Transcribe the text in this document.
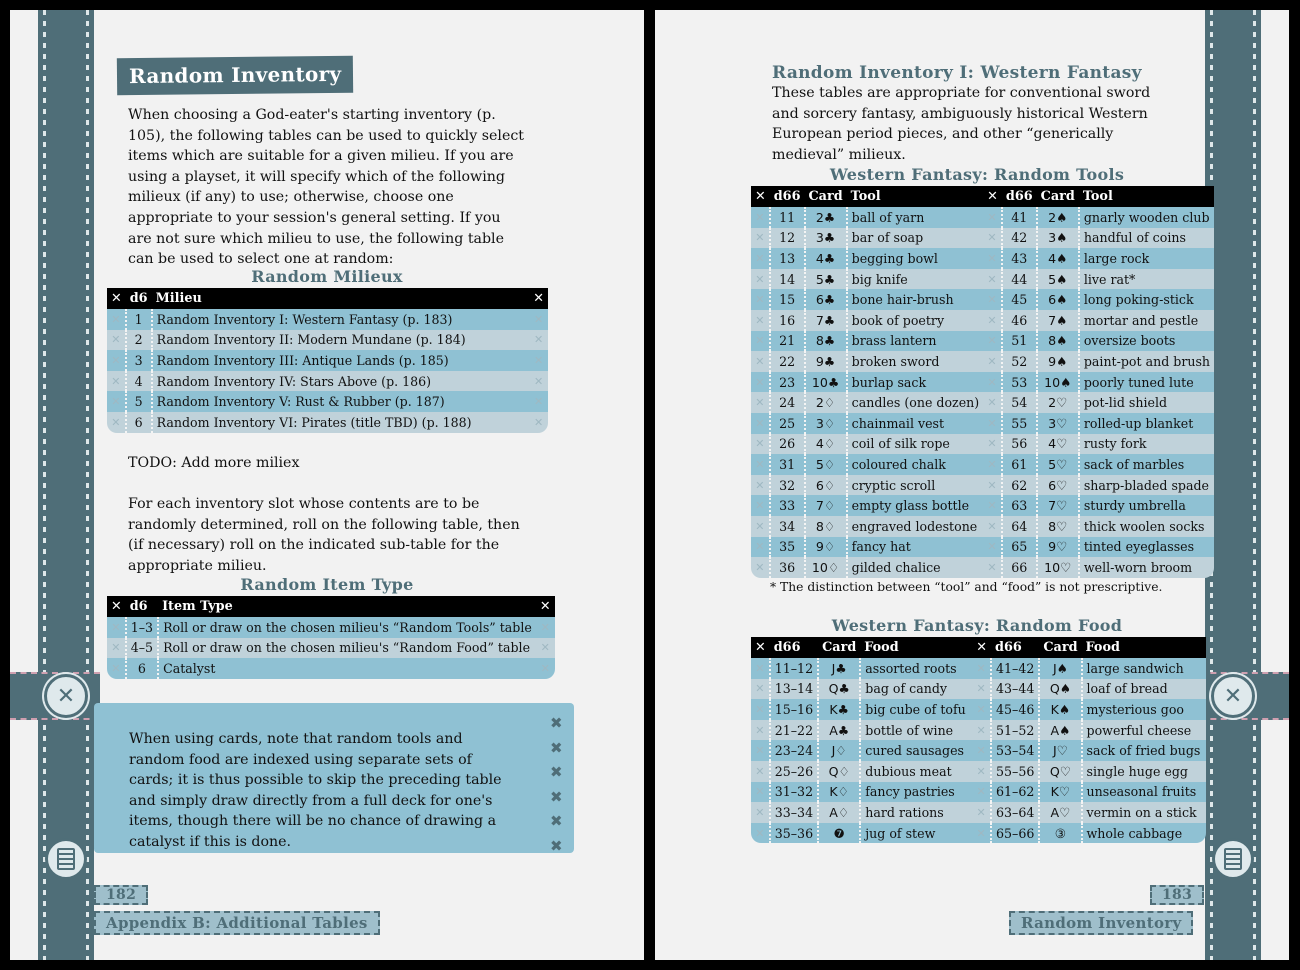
✕
Random Inventory
When choosing a God-eater's starting inventory (p. 105), the following tables can be used to quickly select items which are suitable for a given milieu. If you are using a playset, it will specify which of the following milieux (if any) to use; otherwise, choose one appropriate to your session's general setting. If you are not sure which milieu to use, the following table can be used to select one at random:
Random Milieux
✕	d6	Milieu	✕
✕	1	Random Inventory I: Western Fantasy (p. 183)	✕
✕	2	Random Inventory II: Modern Mundane (p. 184)	✕
✕	3	Random Inventory III: Antique Lands (p. 185)	✕
✕	4	Random Inventory IV: Stars Above (p. 186)	✕
✕	5	Random Inventory V: Rust & Rubber (p. 187)	✕
✕	6	Random Inventory VI: Pirates (title TBD) (p. 188)	✕
TODO: Add more miliex
For each inventory slot whose contents are to be randomly determined, roll on the following table, then (if necessary) roll on the indicated sub-table for the appropriate milieu.
Random Item Type
✕	d6	Item Type	✕
✕	1–3	Roll or draw on the chosen milieu's “Random Tools” table	✕
✕	4–5	Roll or draw on the chosen milieu's “Random Food” table	✕
✕	6	Catalyst	✕
When using cards, note that random tools and random food are indexed using separate sets of cards; it is thus possible to skip the preceding table and simply draw directly from a full deck for one's items, though there will be no chance of drawing a catalyst if this is done.
✖
✖
✖
✖
✖
✖
182
Appendix B: Additional Tables
✕
Random Inventory I: Western Fantasy
These tables are appropriate for conventional sword and sorcery fantasy, ambiguously historical Western European period pieces, and other “generically medieval” milieux.
Western Fantasy: Random Tools
✕	d66	Card	Tool	✕	d66	Card	Tool
✕	11	2♣	ball of yarn	✕	41	2♠	gnarly wooden club
✕	12	3♣	bar of soap	✕	42	3♠	handful of coins
✕	13	4♣	begging bowl	✕	43	4♠	large rock
✕	14	5♣	big knife	✕	44	5♠	live rat*
✕	15	6♣	bone hair-brush	✕	45	6♠	long poking-stick
✕	16	7♣	book of poetry	✕	46	7♠	mortar and pestle
✕	21	8♣	brass lantern	✕	51	8♠	oversize boots
✕	22	9♣	broken sword	✕	52	9♠	paint-pot and brush
✕	23	10♣	burlap sack	✕	53	10♠	poorly tuned lute
✕	24	2♢	candles (one dozen)	✕	54	2♡	pot-lid shield
✕	25	3♢	chainmail vest	✕	55	3♡	rolled-up blanket
✕	26	4♢	coil of silk rope	✕	56	4♡	rusty fork
✕	31	5♢	coloured chalk	✕	61	5♡	sack of marbles
✕	32	6♢	cryptic scroll	✕	62	6♡	sharp-bladed spade
✕	33	7♢	empty glass bottle	✕	63	7♡	sturdy umbrella
✕	34	8♢	engraved lodestone	✕	64	8♡	thick woolen socks
✕	35	9♢	fancy hat	✕	65	9♡	tinted eyeglasses
✕	36	10♢	gilded chalice	✕	66	10♡	well-worn broom
* The distinction between “tool” and “food” is not prescriptive.
Western Fantasy: Random Food
✕	d66	Card	Food	✕	d66	Card	Food
✕	11–12	J♣	assorted roots	✕	41–42	J♠	large sandwich
✕	13–14	Q♣	bag of candy	✕	43–44	Q♠	loaf of bread
✕	15–16	K♣	big cube of tofu	✕	45–46	K♠	mysterious goo
✕	21–22	A♣	bottle of wine	✕	51–52	A♠	powerful cheese
✕	23–24	J♢	cured sausages	✕	53–54	J♡	sack of fried bugs
✕	25–26	Q♢	dubious meat	✕	55–56	Q♡	single huge egg
✕	31–32	K♢	fancy pastries	✕	61–62	K♡	unseasonal fruits
✕	33–34	A♢	hard rations	✕	63–64	A♡	vermin on a stick
✕	35–36	❼	jug of stew	✕	65–66	③	whole cabbage
183
Random Inventory
